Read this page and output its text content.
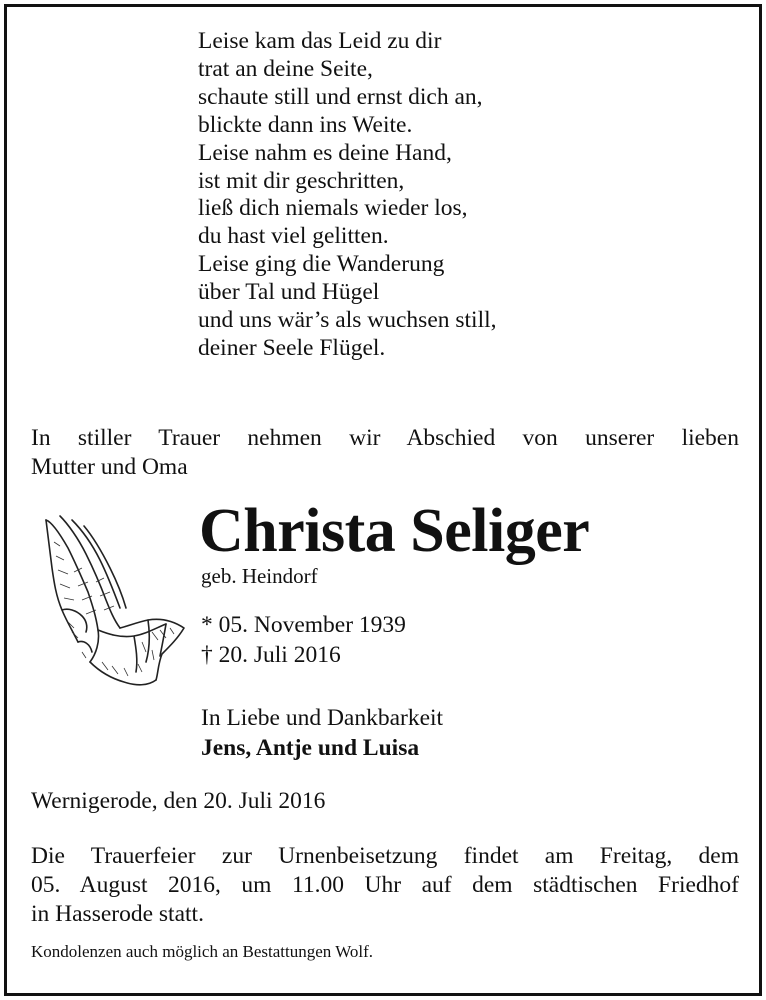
Leise kam das Leid zu dir
trat an deine Seite,
schaute still und ernst dich an,
blickte dann ins Weite.
Leise nahm es deine Hand,
ist mit dir geschritten,
ließ dich niemals wieder los,
du hast viel gelitten.
Leise ging die Wanderung
über Tal und Hügel
und uns wär’s als wuchsen still,
deiner Seele Flügel.
In stiller Trauer nehmen wir Abschied von unserer lieben
Mutter und Oma
Christa Seliger
geb. Heindorf
* 05. November 1939
† 20. Juli 2016
In Liebe und Dankbarkeit
Jens, Antje und Luisa
Wernigerode, den 20. Juli 2016
Die Trauerfeier zur Urnenbeisetzung findet am Freitag, dem
05. August 2016, um 11.00 Uhr auf dem städtischen Friedhof
in Hasserode statt.
Kondolenzen auch möglich an Bestattungen Wolf.
